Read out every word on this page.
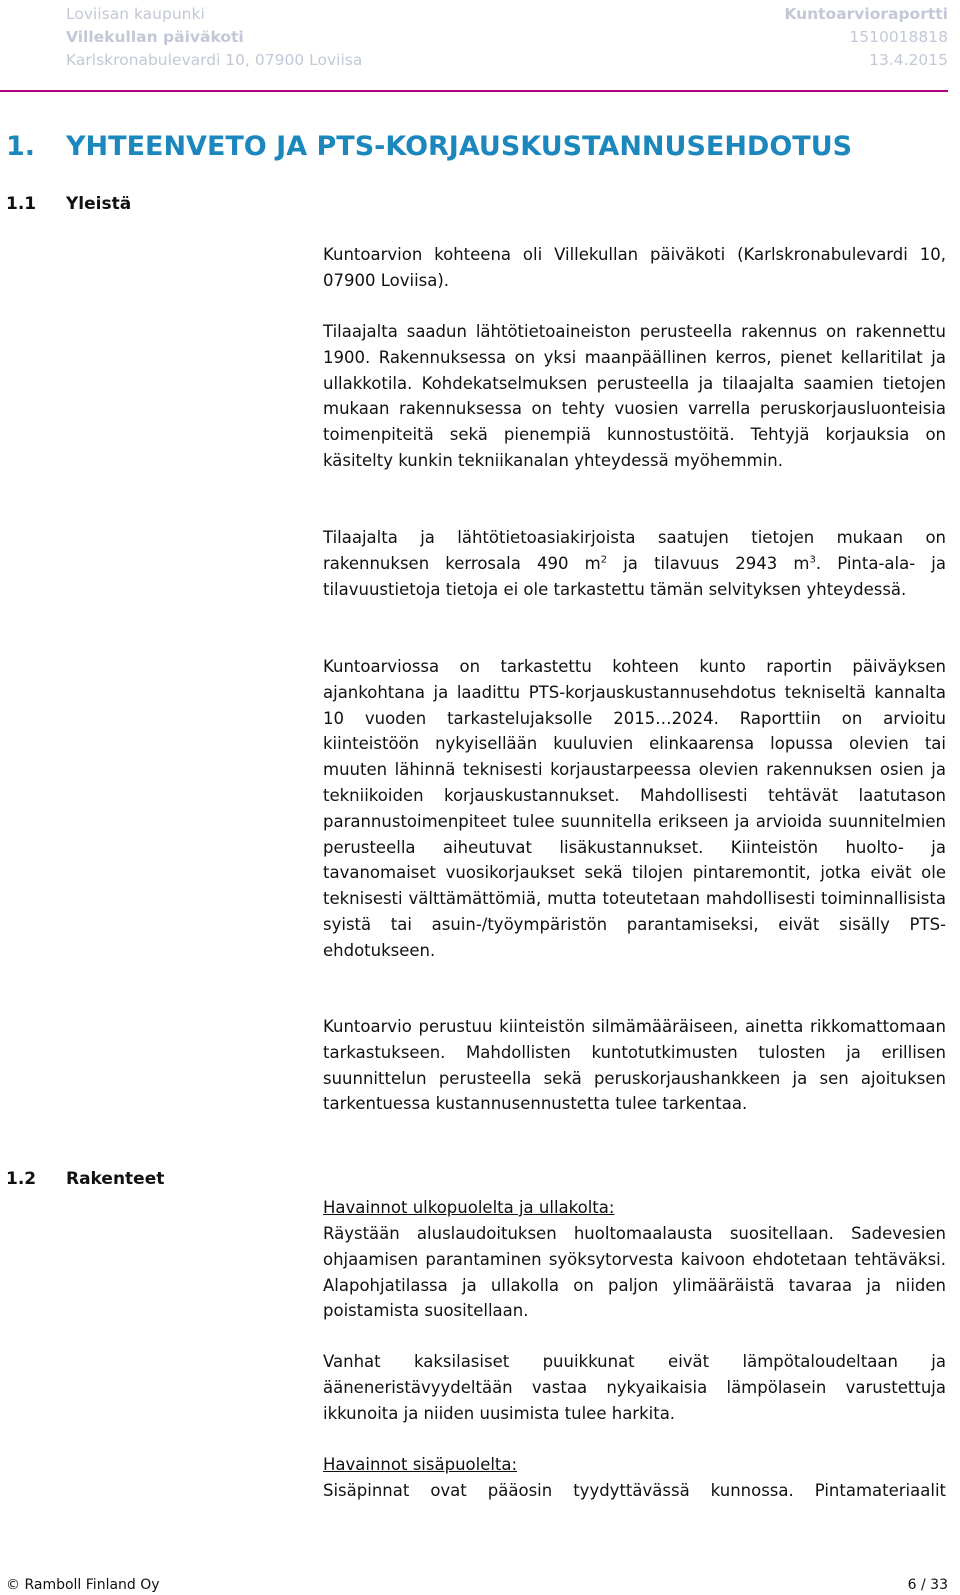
Loviisan kaupunki	Kuntoarvioraportti
Villekullan päiväkoti	1510018818
Karlskronabulevardi 10, 07900 Loviisa	13.4.2015
1. YHTEENVETO JA PTS-KORJAUSKUSTANNUSEHDOTUS
1.1 Yleistä

Kuntoarvion kohteena oli Villekullan päiväkoti (Karlskronabulevardi 10, 07900 Loviisa).

Tilaajalta saadun lähtötietoaineiston perusteella rakennus on rakennettu 1900. Rakennuksessa on yksi maanpäällinen kerros, pienet kellaritilat ja ullakkotila. Kohdekatselmuksen perusteella ja tilaajalta saamien tietojen mukaan rakennuksessa on tehty vuosien varrella peruskorjausluonteisia toimenpiteitä sekä pienempiä kunnostustöitä. Tehtyjä korjauksia on käsitelty kunkin tekniikanalan yhteydessä myöhemmin.

Tilaajalta ja lähtötietoasiakirjoista saatujen tietojen mukaan on rakennuksen kerrosala 490 $m^2$ ja tilavuus 2943 $m^3$. Pinta-ala- ja tilavuustietoja tietoja ei ole tarkastettu tämän selvityksen yhteydessä.

Kuntoarviossa on tarkastettu kohteen kunto raportin päiväyksen ajankohtana ja laadittu PTS-korjauskustannusehdotus tekniseltä kannalta 10 vuoden tarkastelujaksolle 2015…2024. Raporttiin on arvioitu kiinteistöön nykyisellään kuuluvien elinkaarensa lopussa olevien tai muuten lähinnä teknisesti korjaustarpeessa olevien rakennuksen osien ja tekniikoiden korjauskustannukset. Mahdollisesti tehtävät laatutason parannustoimenpiteet tulee suunnitella erikseen ja arvioida suunnitelmien perusteella aiheutuvat lisäkustannukset. Kiinteistön huolto- ja tavanomaiset vuosikorjaukset sekä tilojen pintaremontit, jotka eivät ole teknisesti välttämättömiä, mutta toteutetaan mahdollisesti toiminnallisista syistä tai asuin-/työympäristön parantamiseksi, eivät sisälly PTS-ehdotukseen.

Kuntoarvio perustuu kiinteistön silmämääräiseen, ainetta rikkomattomaan tarkastukseen. Mahdollisten kuntotutkimusten tulosten ja erillisen suunnittelun perusteella sekä peruskorjaushankkeen ja sen ajoituksen tarkentuessa kustannusennustetta tulee tarkentaa.

1.2 Rakenteet

Havainnot ulkopuolelta ja ullakolta:

Räystään aluslaudoituksen huoltomaalausta suositellaan. Sadevesien ohjaamisen parantaminen syöksytorvesta kaivoon ehdotetaan tehtäväksi. Alapohjatilassa ja ullakolla on paljon ylimääräistä tavaraa ja niiden poistamista suositellaan.

Vanhat kaksilasiset puuikkunat eivät lämpötaloudeltaan ja ääneneristävyydeltään vastaa nykyaikaisia lämpölasein varustettuja ikkunoita ja niiden uusimista tulee harkita.

Havainnot sisäpuolelta:

Sisäpinnat ovat pääosin tyydyttävässä kunnossa. Pintamateriaalit

© Ramboll Finland Oy	6 / 33
